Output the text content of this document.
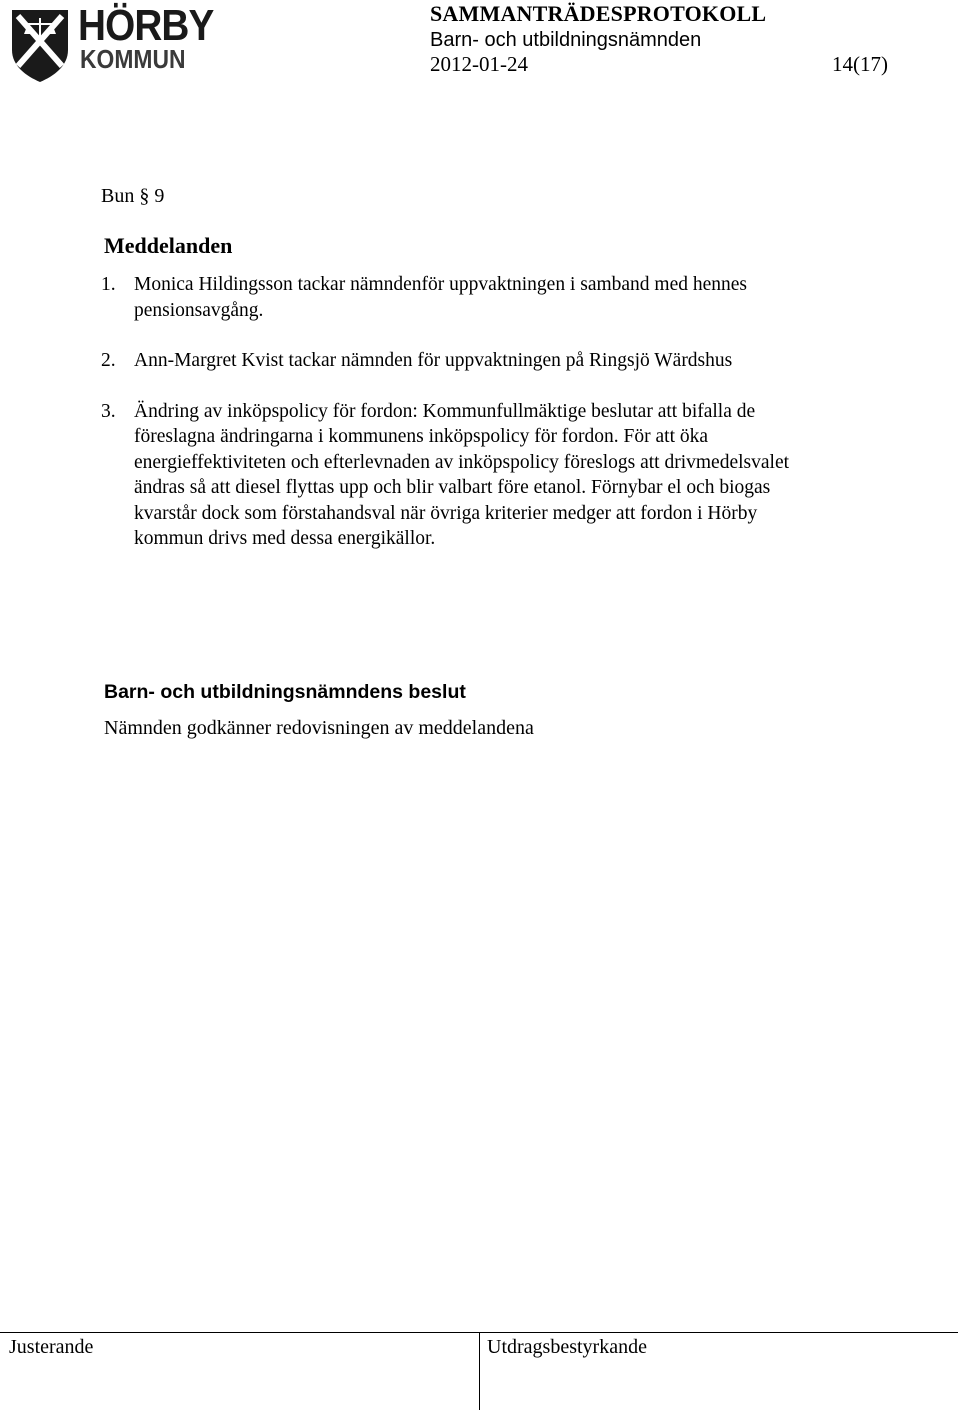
HÖRBY
KOMMUN
SAMMANTRÄDESPROTOKOLL
Barn- och utbildningsnämnden
2012-01-24	14(17)
Bun § 9
Meddelanden
1. Monica Hildingsson tackar nämndenför uppvaktningen i samband med hennes pensionsavgång.
2. Ann-Margret Kvist tackar nämnden för uppvaktningen på Ringsjö Wärdshus
3. Ändring av inköpspolicy för fordon: Kommunfullmäktige beslutar att bifalla de föreslagna ändringarna i kommunens inköpspolicy för fordon. För att öka energieffektiviteten och efterlevnaden av inköpspolicy föreslogs att drivmedelsvalet ändras så att diesel flyttas upp och blir valbart före etanol. Förnybar el och biogas kvarstår dock som förstahandsval när övriga kriterier medger att fordon i Hörby kommun drivs med dessa energikällor.
Barn- och utbildningsnämndens beslut
Nämnden godkänner redovisningen av meddelandena
Justerande	Utdragsbestyrkande
